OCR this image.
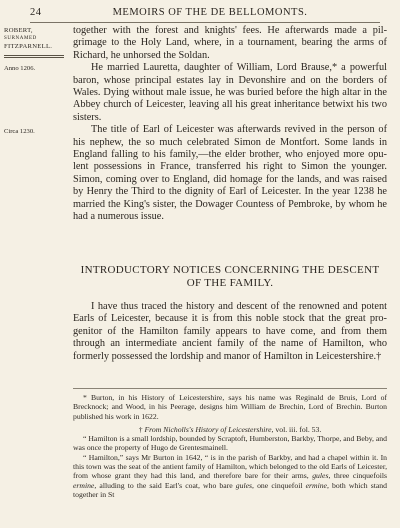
24	MEMOIRS OF THE DE BELLOMONTS.
ROBERT,
SURNAMED
FITZPARNELL.
Anno 1206.
Circa 1230.

together with the forest and knights' fees. He afterwards made a pil-

grimage to the Holy Land, where, in a tournament, bearing the arms of

Richard, he unhorsed the Soldan.

He married Lauretta, daughter of William, Lord Brause,* a powerful baron, whose principal estates lay in Devonshire and on the borders of Wales. Dying without male issue, he was buried before the high altar in the Abbey church of Leicester, leaving all his great inheritance betwixt his two sisters.

The title of Earl of Leicester was afterwards revived in the person of his nephew, the so much celebrated Simon de Montfort. Some lands in England falling to his family,—the elder brother, who enjoyed more opu-lent possessions in France, transferred his right to Simon the younger. Simon, coming over to England, did homage for the lands, and was raised by Henry the Third to the dignity of Earl of Leicester. In the year 1238 he married the King's sister, the Dowager Countess of Pembroke, by whom he had a numerous issue.

INTRODUCTORY NOTICES CONCERNING THE DESCENT OF THE FAMILY.

I have thus traced the history and descent of the renowned and potent Earls of Leicester, because it is from this noble stock that the great pro-genitor of the Hamilton family appears to have come, and from them through an intermediate ancient family of the name of Hamilton, who formerly possessed the lordship and manor of Hamilton in Leicestershire.†

* Burton, in his History of Leicestershire, says his name was Reginald de Bruis, Lord of Brecknock; and Wood, in his Peerage, designs him William de Brechin, Lord of Brechin. Burton published his work in 1622.

† From Nicholls's History of Leicestershire, vol. iii. fol. 53.

“ Hamilton is a small lordship, bounded by Scraptoft, Humberston, Barkby, Thorpe, and Beby, and was once the property of Hugo de Grentesmainell.

“ Hamilton,” says Mr Burton in 1642, “ is in the parish of Barkby, and had a chapel within it. In this town was the seat of the antient family of Hamilton, which belonged to the old Earls of Leicester, from whose grant they had this land, and therefore bare for their arms, gules, three cinquefoils ermine, alluding to the said Earl's coat, who bare gules, one cinquefoil ermine, both which stand together in St
